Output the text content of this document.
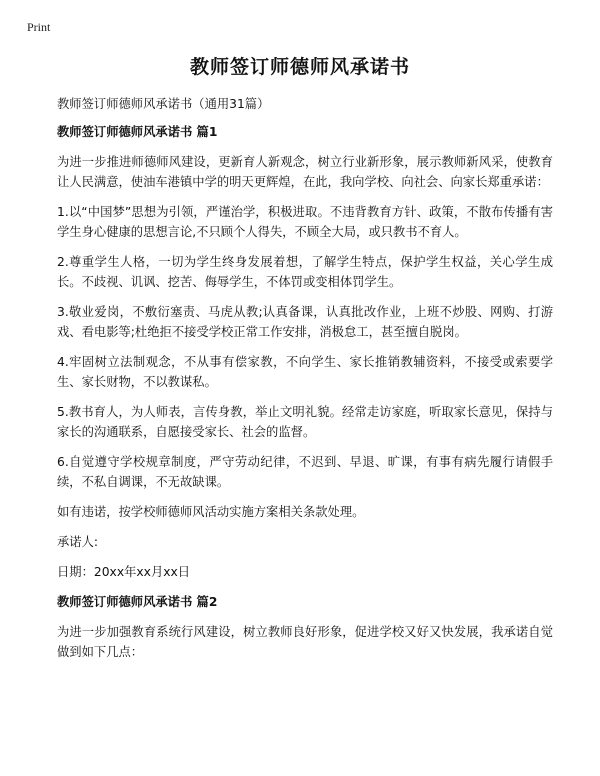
Print
教师签订师德师风承诺书

教师签订师德师风承诺书（通用31篇）

教师签订师德师风承诺书 篇1

为进一步推进师德师风建设，更新育人新观念，树立行业新形象，展示教师新风采，使教育让人民满意，使油车港镇中学的明天更辉煌，在此，我向学校、向社会、向家长郑重承诺：

1.以“中国梦”思想为引领，严谨治学，积极进取。不违背教育方针、政策，不散布传播有害学生身心健康的思想言论,不只顾个人得失，不顾全大局，或只教书不育人。

2.尊重学生人格，一切为学生终身发展着想，了解学生特点，保护学生权益，关心学生成长。不歧视、讥讽、挖苦、侮辱学生，不体罚或变相体罚学生。

3.敬业爱岗，不敷衍塞责、马虎从教;认真备课，认真批改作业，上班不炒股、网购、打游戏、看电影等;杜绝拒不接受学校正常工作安排，消极怠工，甚至擅自脱岗。

4.牢固树立法制观念，不从事有偿家教，不向学生、家长推销教辅资料，不接受或索要学生、家长财物，不以教谋私。

5.教书育人，为人师表，言传身教，举止文明礼貌。经常走访家庭，听取家长意见，保持与家长的沟通联系，自愿接受家长、社会的监督。

6.自觉遵守学校规章制度，严守劳动纪律，不迟到、早退、旷课，有事有病先履行请假手续，不私自调课，不无故缺课。

如有违诺，按学校师德师风活动实施方案相关条款处理。

承诺人:

日期：20xx年xx月xx日

教师签订师德师风承诺书 篇2

为进一步加强教育系统行风建设，树立教师良好形象，促进学校又好又快发展，我承诺自觉做到如下几点：
